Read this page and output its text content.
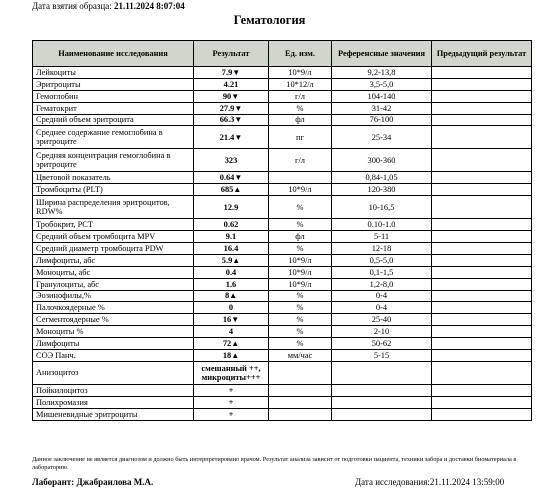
Дата взятия образца: 21.11.2024 8:07:04
Гематология
Наименование исследования	Результат	Ед. изм.	Референсные значения	Предыдущий результат
Лейкоциты	7.9▼	10*9/л	9,2-13,8	
Эритроциты	4.21	10*12/л	3,5-5,0	
Гемоглобин	90▼	г/л	104-140	
Гематокрит	27.9▼	%	31-42	
Средний объем эритроцита	66.3▼	фл	76-100	
Среднее содержание гемоглобина в эритроците	21.4▼	пг	25-34	
Средняя концентрация гемоглобина в эритроците	323	г/л	300-360	
Цветовой показатель	0.64▼		0,84-1,05	
Тромбоциты (PLT)	685▲	10*9/л	120-380	
Ширина распределения эритроцитов, RDW%	12.9	%	10-16,5	
Тробокрит, PCT	0.62	%	0.10-1.0	
Средний объем тромбоцита MPV	9.1	фл	5-11	
Средний диаметр тромбоцита PDW	16.4	%	12-18	
Лимфоциты, абс	5.9▲	10*9/л	0,5-5,0	
Моноциты, абс	0.4	10*9/л	0,1-1,5	
Гранулоциты, абс	1.6	10*9/л	1,2-8,0	
Эозинофилы,%	8▲	%	0-4	
Палочкоядерные %	0	%	0-4	
Сегментоядерные %	16▼	%	25-40	
Моноциты %	4	%	2-10	
Лимфоциты	72▲	%	50-62	
СОЭ Панч.	18▲	мм/час	5-15	
Анизоцитоз	смешанный ++, микроциты+++			
Пойкилоцитоз	+			
Полихромазия	+			
Мишеневидные эритроциты	+			
Данное заключение не является диагнозом и должно быть интерпретировано врачом. Результат анализа зависит от подготовки пациента, техники забора и доставки биоматериала в лабораторию.
Лаборант: Джабраилова М.А.	Дата исследования:21.11.2024 13:59:00
